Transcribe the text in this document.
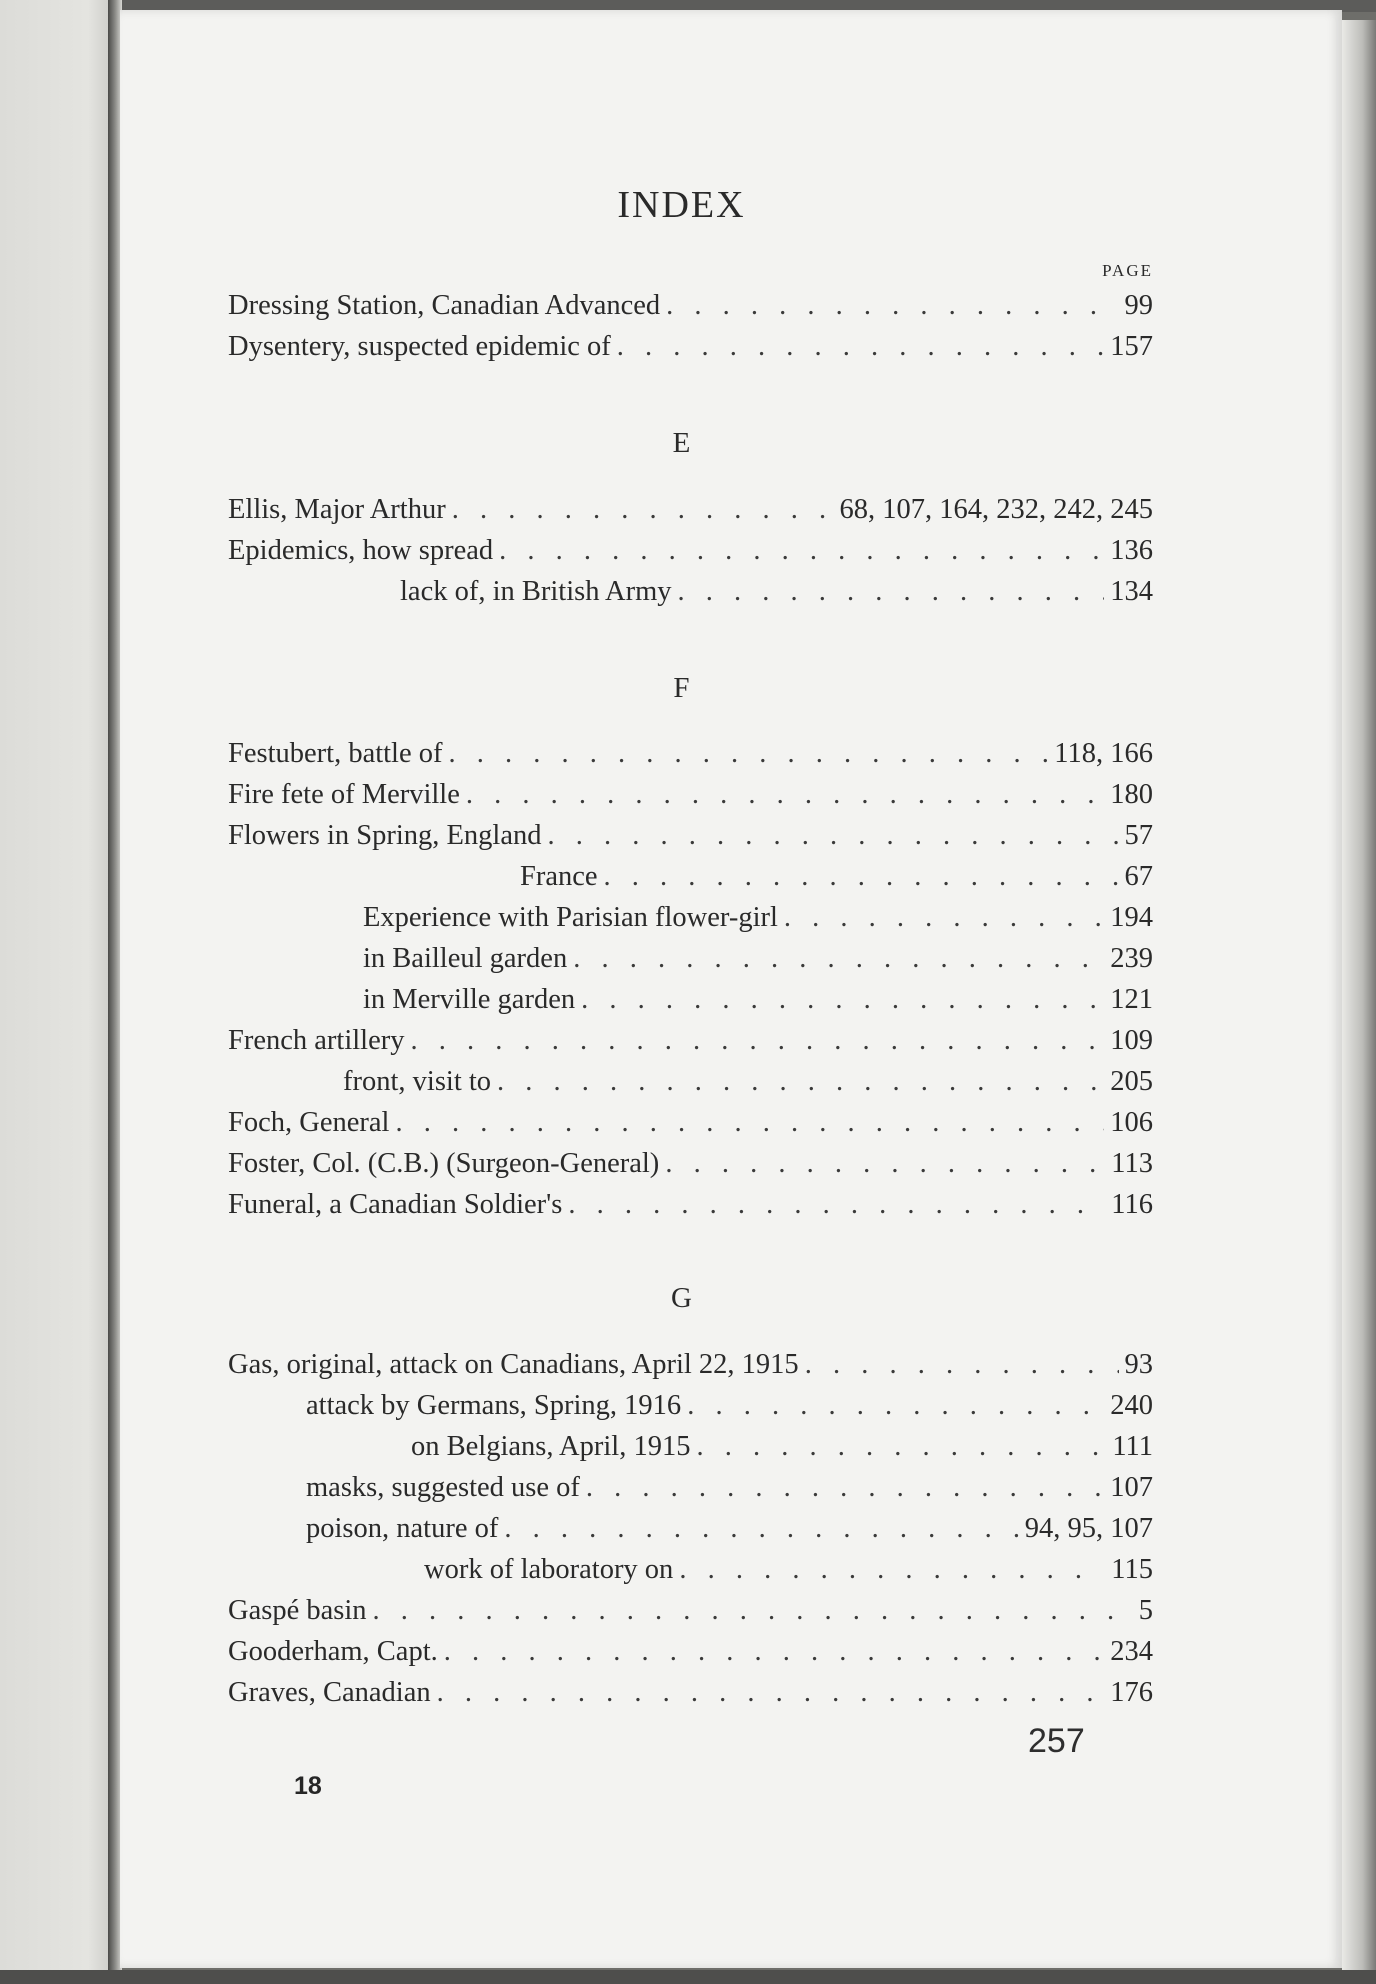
INDEX
PAGE
Dressing Station, Canadian Advanced . . .	99
Dysentery, suspected epidemic of . . .	157
E
Ellis, Major Arthur . . .	68, 107, 164, 232, 242, 245
Epidemics, how spread . . .	136
lack of, in British Army . . .	134
F
Festubert, battle of . . .	118, 166
Fire fete of Merville . . .	180
Flowers in Spring, England . . .	57
France . . .	67
Experience with Parisian flower-girl . . .	194
in Bailleul garden . . .	239
in Merville garden . . .	121
French artillery . . .	109
front, visit to . . .	205
Foch, General . . .	106
Foster, Col. (C.B.) (Surgeon-General) . . .	113
Funeral, a Canadian Soldier's . . .	116
G
Gas, original, attack on Canadians, April 22, 1915 . . .	93
attack by Germans, Spring, 1916 . . .	240
on Belgians, April, 1915 . . .	111
masks, suggested use of . . .	107
poison, nature of . . .	94, 95, 107
work of laboratory on . . .	115
Gaspé basin . . .	5
Gooderham, Capt. . . .	234
Graves, Canadian . . .	176
257
18
